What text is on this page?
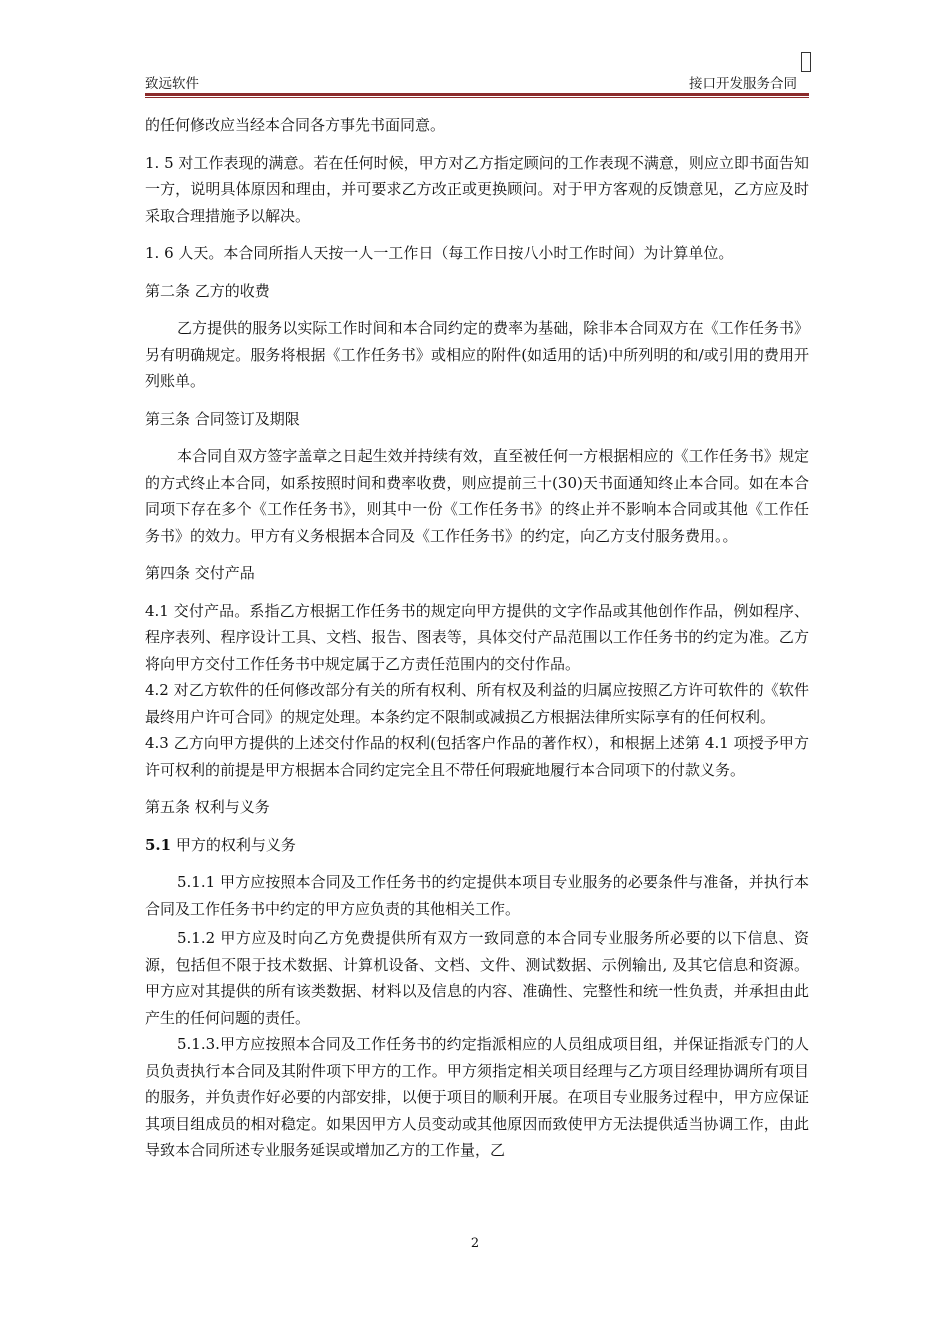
致远软件	接口开发服务合同

的任何修改应当经本合同各方事先书面同意。

1. 5 对工作表现的满意。若在任何时候，甲方对乙方指定顾问的工作表现不满意，则应立即书面告知一方，说明具体原因和理由，并可要求乙方改正或更换顾问。对于甲方客观的反馈意见，乙方应及时采取合理措施予以解决。

1. 6 人天。本合同所指人天按一人一工作日（每工作日按八小时工作时间）为计算单位。

第二条 乙方的收费

乙方提供的服务以实际工作时间和本合同约定的费率为基础，除非本合同双方在《工作任务书》另有明确规定。服务将根据《工作任务书》或相应的附件(如适用的话)中所列明的和/或引用的费用开列账单。

第三条 合同签订及期限

本合同自双方签字盖章之日起生效并持续有效，直至被任何一方根据相应的《工作任务书》规定的方式终止本合同，如系按照时间和费率收费，则应提前三十(30)天书面通知终止本合同。如在本合同项下存在多个《工作任务书》，则其中一份《工作任务书》的终止并不影响本合同或其他《工作任务书》的效力。甲方有义务根据本合同及《工作任务书》的约定，向乙方支付服务费用。。

第四条 交付产品

4.1 交付产品。系指乙方根据工作任务书的规定向甲方提供的文字作品或其他创作作品，例如程序、程序表列、程序设计工具、文档、报告、图表等，具体交付产品范围以工作任务书的约定为准。乙方将向甲方交付工作任务书中规定属于乙方责任范围内的交付作品。

4.2 对乙方软件的任何修改部分有关的所有权利、所有权及利益的归属应按照乙方许可软件的《软件最终用户许可合同》的规定处理。本条约定不限制或减损乙方根据法律所实际享有的任何权利。

4.3 乙方向甲方提供的上述交付作品的权利(包括客户作品的著作权），和根据上述第 4.1 项授予甲方许可权利的前提是甲方根据本合同约定完全且不带任何瑕疵地履行本合同项下的付款义务。

第五条 权利与义务

5.1 甲方的权利与义务

5.1.1 甲方应按照本合同及工作任务书的约定提供本项目专业服务的必要条件与准备，并执行本合同及工作任务书中约定的甲方应负责的其他相关工作。

5.1.2 甲方应及时向乙方免费提供所有双方一致同意的本合同专业服务所必要的以下信息、资源，包括但不限于技术数据、计算机设备、文档、文件、测试数据、示例输出, 及其它信息和资源。甲方应对其提供的所有该类数据、材料以及信息的内容、准确性、完整性和统一性负责，并承担由此产生的任何问题的责任。

5.1.3.甲方应按照本合同及工作任务书的约定指派相应的人员组成项目组，并保证指派专门的人员负责执行本合同及其附件项下甲方的工作。甲方须指定相关项目经理与乙方项目经理协调所有项目的服务，并负责作好必要的内部安排，以便于项目的顺利开展。在项目专业服务过程中，甲方应保证其项目组成员的相对稳定。如果因甲方人员变动或其他原因而致使甲方无法提供适当协调工作，由此导致本合同所述专业服务延误或增加乙方的工作量，乙

2
